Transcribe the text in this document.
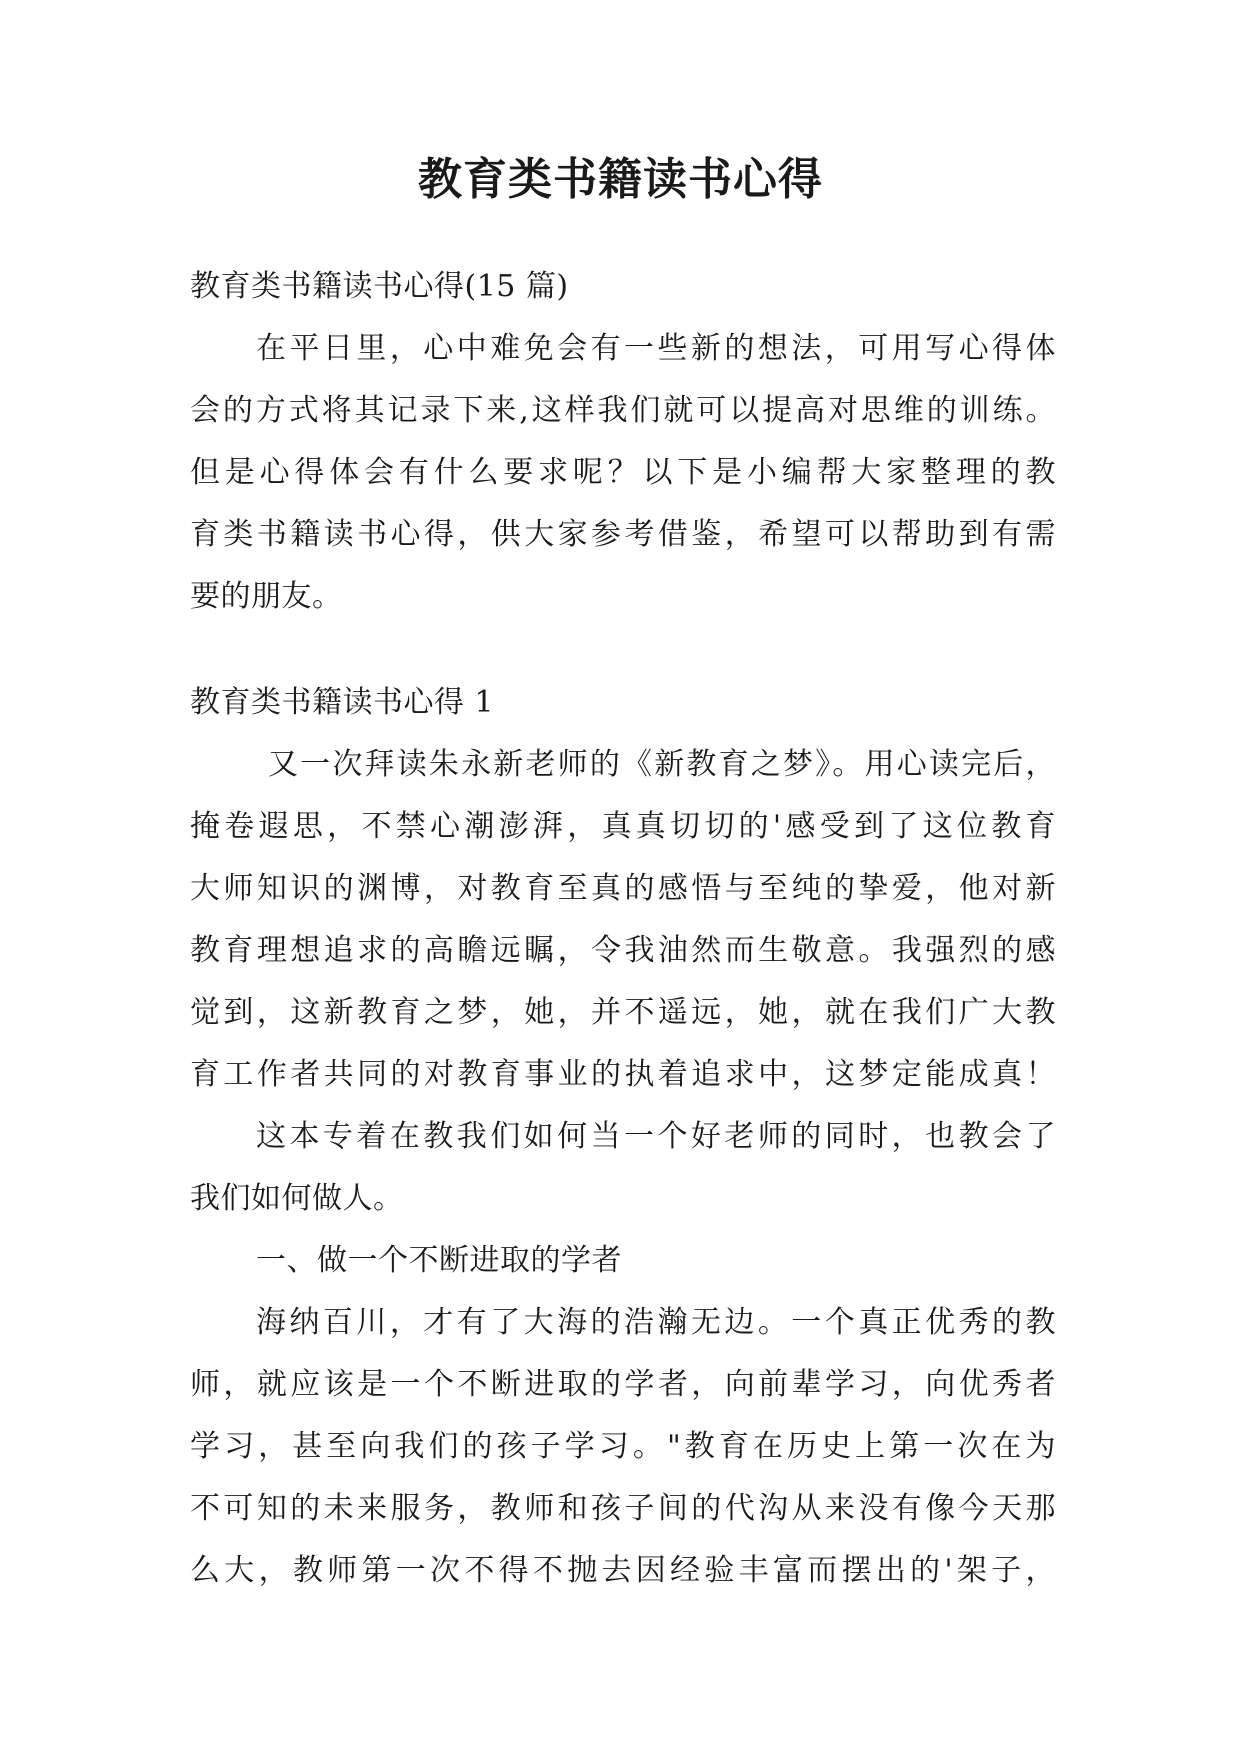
教育类书籍读书心得
教育类书籍读书心得(15 篇)
在平日里，心中难免会有一些新的想法，可用写心得体
会的方式将其记录下来,这样我们就可以提高对思维的训练。
但是心得体会有什么要求呢？以下是小编帮大家整理的教
育类书籍读书心得，供大家参考借鉴，希望可以帮助到有需
要的朋友。
教育类书籍读书心得 1
又一次拜读朱永新老师的《新教育之梦》。用心读完后，
掩卷遐思，不禁心潮澎湃，真真切切的'感受到了这位教育
大师知识的渊博，对教育至真的感悟与至纯的挚爱，他对新
教育理想追求的高瞻远瞩，令我油然而生敬意。我强烈的感
觉到，这新教育之梦，她，并不遥远，她，就在我们广大教
育工作者共同的对教育事业的执着追求中，这梦定能成真！
这本专着在教我们如何当一个好老师的同时，也教会了
我们如何做人。
一、做一个不断进取的学者
海纳百川，才有了大海的浩瀚无边。一个真正优秀的教
师，就应该是一个不断进取的学者，向前辈学习，向优秀者
学习，甚至向我们的孩子学习。"教育在历史上第一次在为
不可知的未来服务，教师和孩子间的代沟从来没有像今天那
么大，教师第一次不得不抛去因经验丰富而摆出的'架子，
